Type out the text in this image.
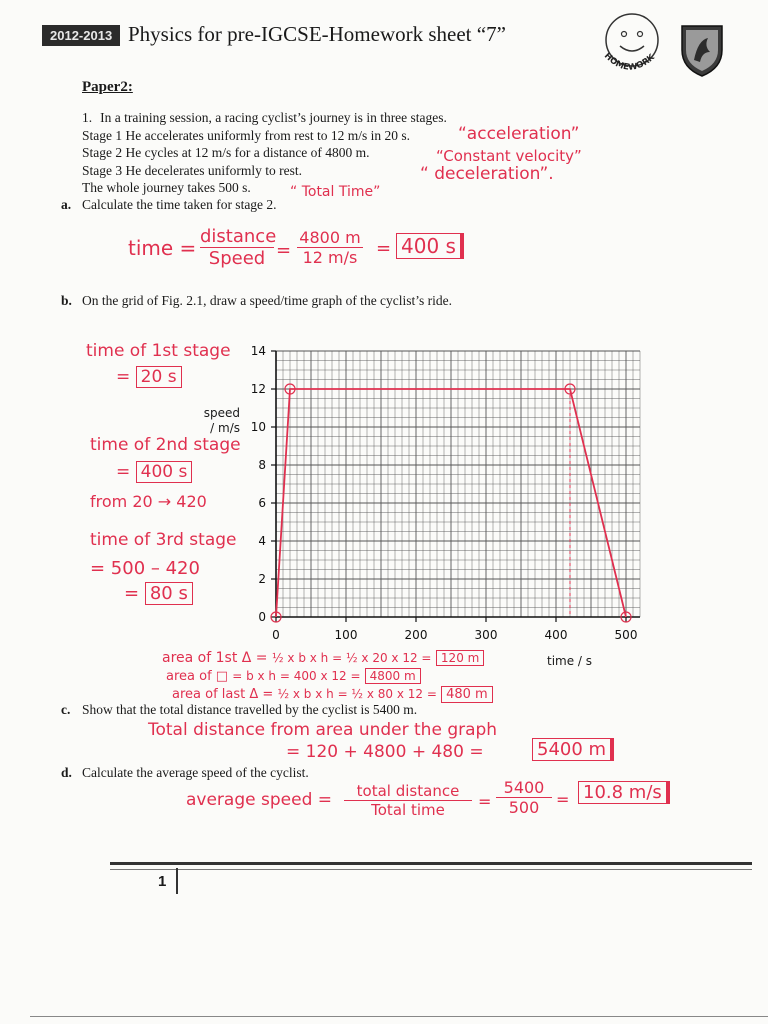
2012-2013 Physics for pre-IGCSE-Homework sheet “7”
HOMEWORK
Paper2:
1. In a training session, a racing cyclist’s journey is in three stages.
Stage 1 He accelerates uniformly from rest to 12 m/s in 20 s.
Stage 2 He cycles at 12 m/s for a distance of 4800 m.
Stage 3 He decelerates uniformly to rest.
The whole journey takes 500 s.
“acceleration”
“Constant velocity”
“ deceleration”.
“ Total Time”
a. Calculate the time taken for stage 2.
time = distance
Speed =
4800 m
12 m/s	= 400 s
b. On the grid of Fig. 2.1, draw a speed/time graph of the cyclist’s ride.
time of 1st stage
= 20 s
time of 2nd stage
= 400 s
from 20 → 420
time of 3rd stage
= 500 – 420
= 80 s
0	100	200	300	400	500
0
2
4
6
8
10
12
14
speed / m/s
time / s
area of 1st Δ = ½ x b x h = ½ x 20 x 12 = 120 m
area of □ = b x h = 400 x 12 = 4800 m
area of last Δ = ½ x b x h = ½ x 80 x 12 = 480 m
c. Show that the total distance travelled by the cyclist is 5400 m.
Total distance from area under the graph
= 120 + 4800 + 480 =	5400 m
d. Calculate the average speed of the cyclist.
average speed =	total distance
Total time	=
5400
500	= 10.8 m/s
1
